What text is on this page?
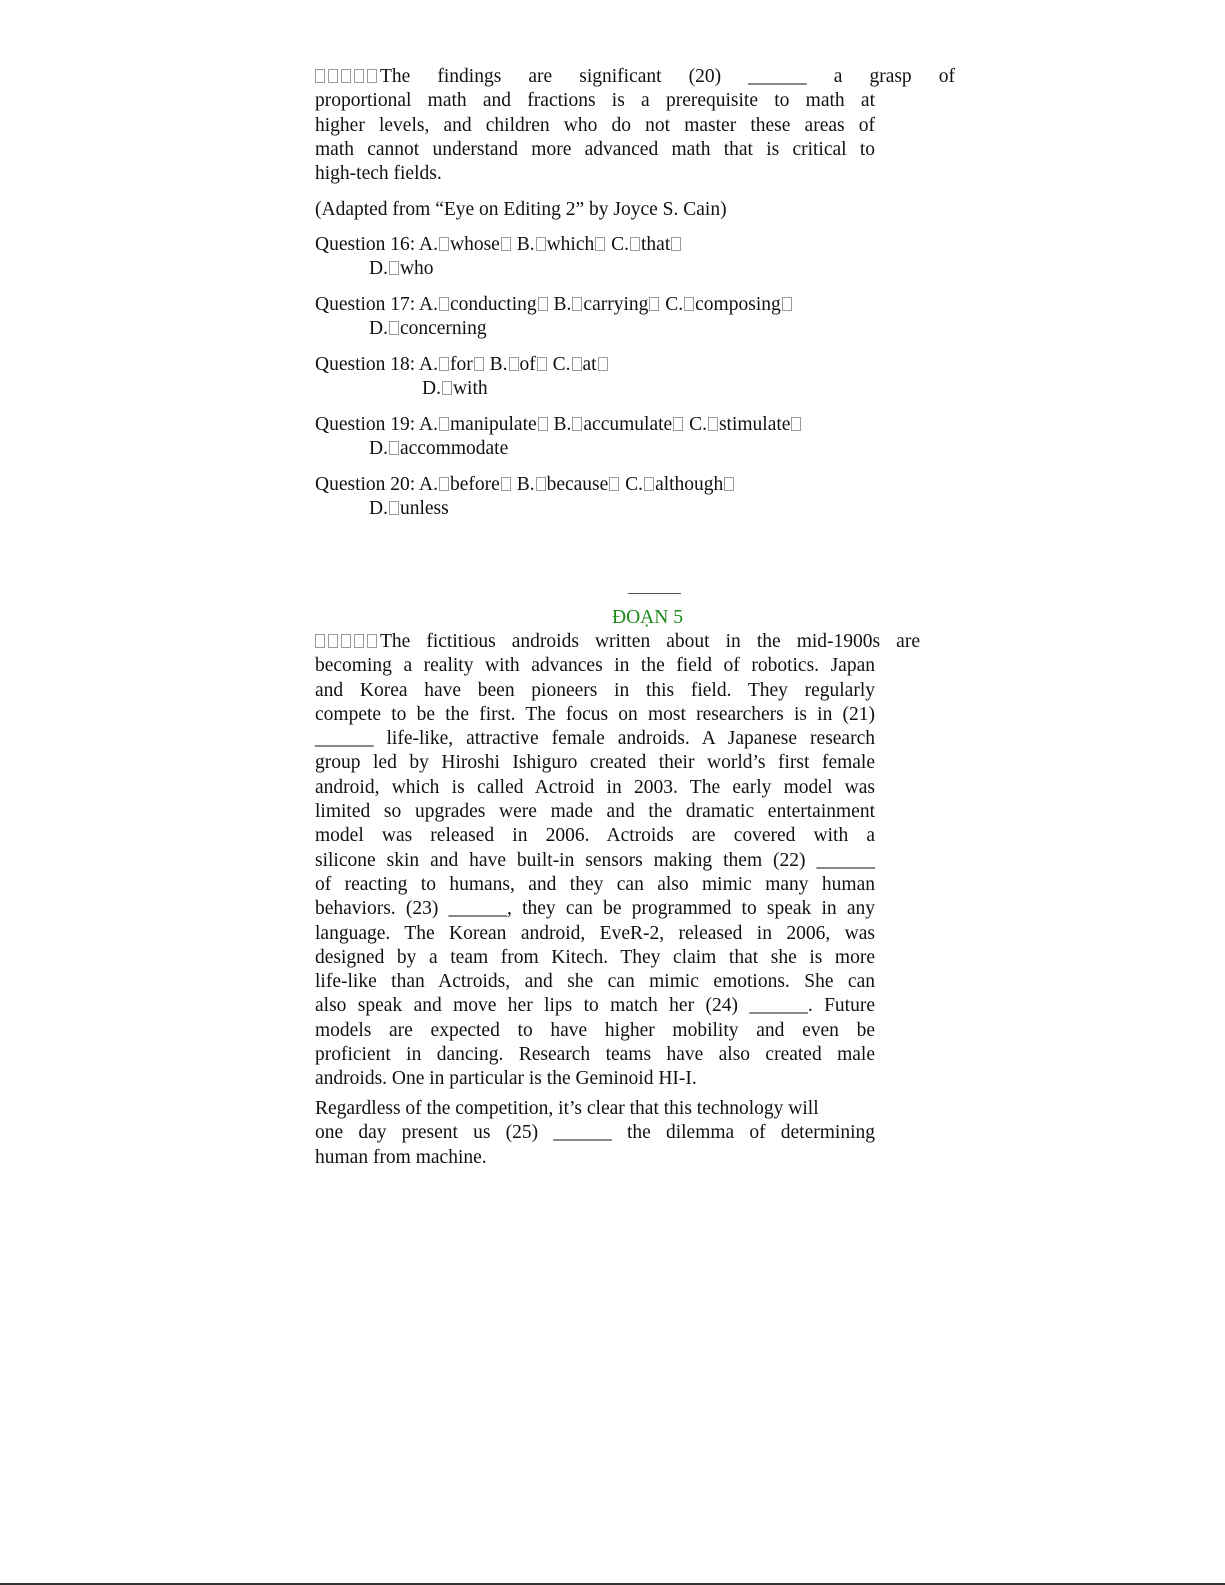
The findings are significant (20) ______ a grasp of
proportional math and fractions is a prerequisite to math at
higher levels, and children who do not master these areas of
math cannot understand more advanced math that is critical to
high-tech fields.

(Adapted from “Eye on Editing 2” by Joyce S. Cain)
Question 16: A. whose B. which C. that
D. who
Question 17: A. conducting B. carrying C. composing
D. concerning
Question 18: A. for B. of C. at
D. with
Question 19: A. manipulate B. accumulate C. stimulate
D. accommodate
Question 20: A. before B. because C. although
D. unless
ĐOẠN 5

The fictitious androids written about in the mid-1900s are
becoming a reality with advances in the field of robotics. Japan
and Korea have been pioneers in this field. They regularly
compete to be the first. The focus on most researchers is in (21)
______ life-like, attractive female androids. A Japanese research
group led by Hiroshi Ishiguro created their world’s first female
android, which is called Actroid in 2003. The early model was
limited so upgrades were made and the dramatic entertainment
model was released in 2006. Actroids are covered with a
silicone skin and have built-in sensors making them (22) ______
of reacting to humans, and they can also mimic many human
behaviors. (23) ______, they can be programmed to speak in any
language. The Korean android, EveR-2, released in 2006, was
designed by a team from Kitech. They claim that she is more
life-like than Actroids, and she can mimic emotions. She can
also speak and move her lips to match her (24) ______. Future
models are expected to have higher mobility and even be
proficient in dancing. Research teams have also created male
androids. One in particular is the Geminoid HI-I.

Regardless of the competition, it’s clear that this technology will
one day present us (25) ______ the dilemma of determining
human from machine.
